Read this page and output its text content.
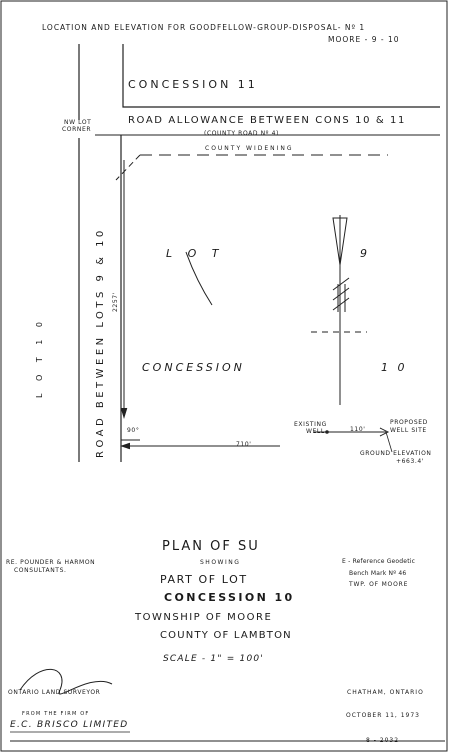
LOCATION AND ELEVATION FOR GOODFELLOW-GROUP-DISPOSAL- Nº 1
MOORE - 9 - 10
CONCESSION 11
ROAD ALLOWANCE BETWEEN CONS 10 & 11
(COUNTY ROAD Nº 4)
COUNTY WIDENING
NW LOT
CORNER
L O T 1 0	ROAD BETWEEN LOTS 9 & 10 2257'
L O T	9
CONCESSION	1 0
90°
710'
110'
EXISTING
WELL
PROPOSED
WELL SITE
GROUND ELEVATION
+663.4'
PLAN OF SU
SHOWING
PART OF LOT
CONCESSION 10
TOWNSHIP OF MOORE
COUNTY OF LAMBTON
SCALE - 1" = 100'
RE. POUNDER & HARMON
CONSULTANTS.
E - Reference Geodetic
Bench Mark Nº 46
TWP. OF MOORE
ONTARIO LAND SURVEYOR
FROM THE FIRM OF
E.C. BRISCO LIMITED
CHATHAM, ONTARIO
OCTOBER 11, 1973
8 - 2032
